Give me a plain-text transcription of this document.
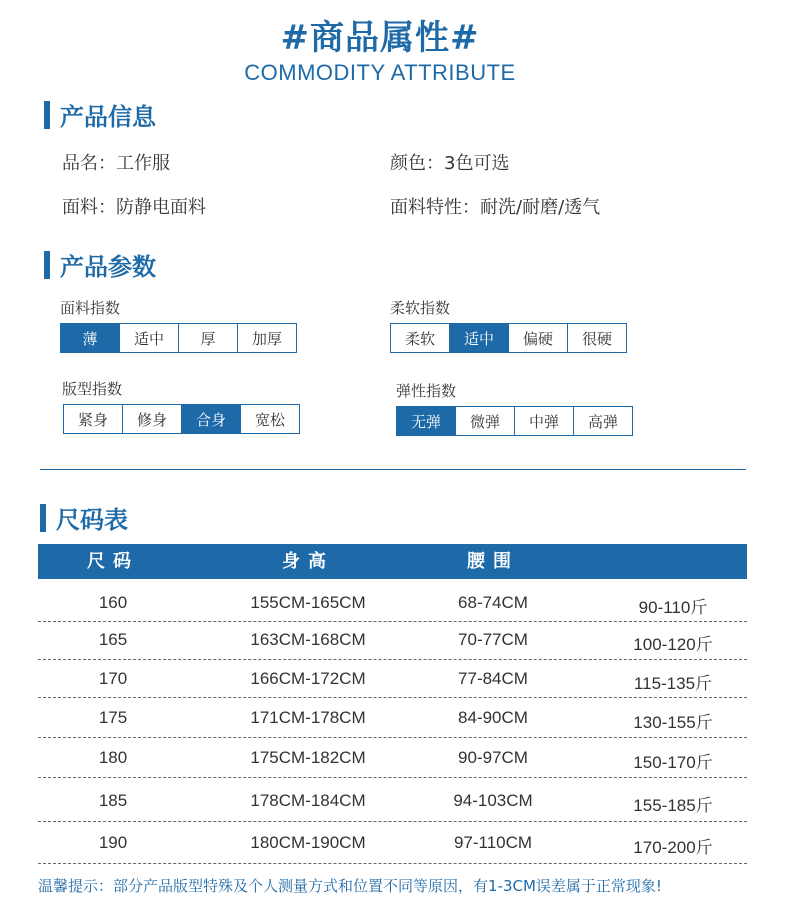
#商品属性#
COMMODITY ATTRIBUTE
产品信息
品名 ： 工作服	颜色 ： 3色可选
面料 ： 防静电面料	面料特性 ： 耐洗/耐磨/透气
产品参数
面料指数
薄	适中	厚	加厚
柔软指数
柔软	适中	偏硬	很硬
版型指数
紧身	修身	合身	宽松
弹性指数
无弹	微弹	中弹	高弹
尺码表
尺码	身高	腰围
160	155CM-165CM	68-74CM	90-110斤
165	163CM-168CM	70-77CM	100-120斤
170	166CM-172CM	77-84CM	115-135斤
175	171CM-178CM	84-90CM	130-155斤
180	175CM-182CM	90-97CM	150-170斤
185	178CM-184CM	94-103CM	155-185斤
190	180CM-190CM	97-110CM	170-200斤
温馨提示：部分产品版型特殊及个人测量方式和位置不同等原因，有1-3CM误差属于正常现象!
